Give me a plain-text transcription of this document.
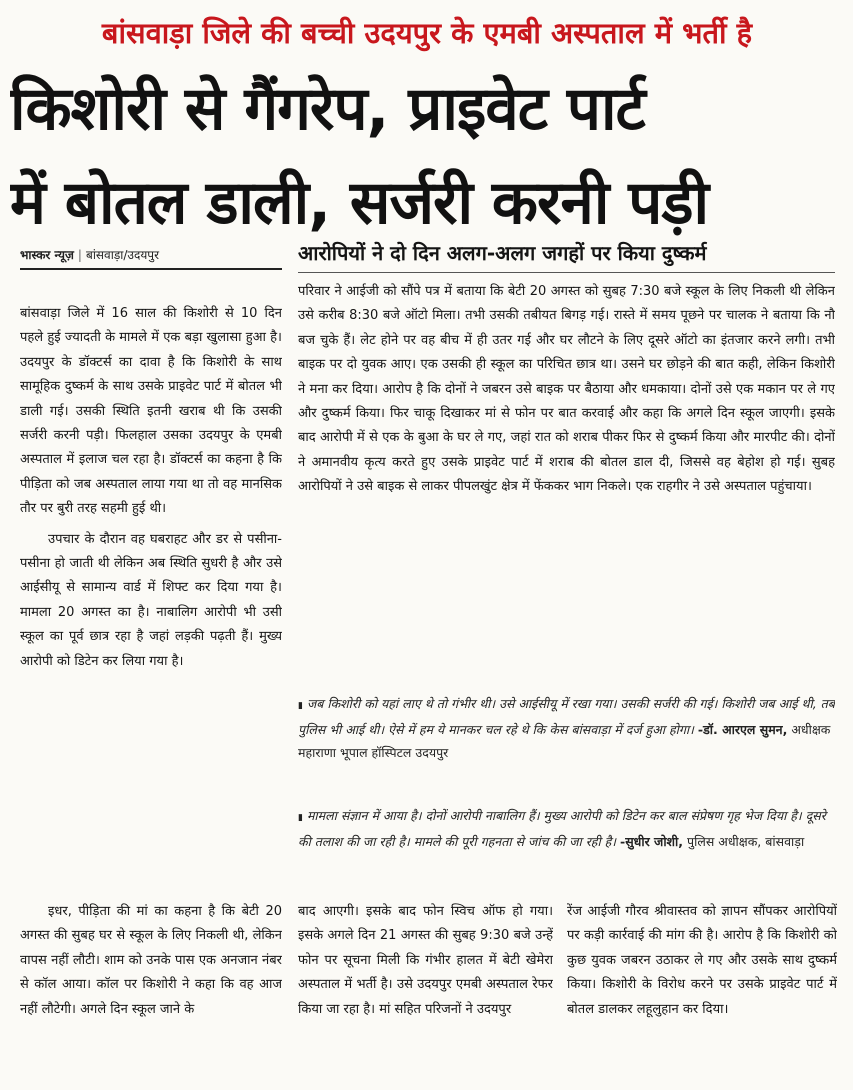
बांसवाड़ा जिले की बच्ची उदयपुर के एमबी अस्पताल में भर्ती है
किशोरी से गैंगरेप, प्राइवेट पार्ट
में बोतल डाली, सर्जरी करनी पड़ी
भास्कर न्यूज़ | बांसवाड़ा/उदयपुर	आरोपियों ने दो दिन अलग-अलग जगहों पर किया दुष्कर्म

बांसवाड़ा जिले में 16 साल की किशोरी से 10 दिन पहले हुई ज्यादती के मामले में एक बड़ा खुलासा हुआ है। उदयपुर के डॉक्टर्स का दावा है कि किशोरी के साथ सामूहिक दुष्कर्म के साथ उसके प्राइवेट पार्ट में बोतल भी डाली गई। उसकी स्थिति इतनी खराब थी कि उसकी सर्जरी करनी पड़ी। फिलहाल उसका उदयपुर के एमबी अस्पताल में इलाज चल रहा है। डॉक्टर्स का कहना है कि पीड़िता को जब अस्पताल लाया गया था तो वह मानसिक तौर पर बुरी तरह सहमी हुई थी।

उपचार के दौरान वह घबराहट और डर से पसीना-पसीना हो जाती थी लेकिन अब स्थिति सुधरी है और उसे आईसीयू से सामान्य वार्ड में शिफ्ट कर दिया गया है। मामला 20 अगस्त का है। नाबालिग आरोपी भी उसी स्कूल का पूर्व छात्र रहा है जहां लड़की पढ़ती हैं। मुख्य आरोपी को डिटेन कर लिया गया है।

इधर, पीड़िता की मां का कहना है कि बेटी 20 अगस्त की सुबह घर से स्कूल के लिए निकली थी, लेकिन वापस नहीं लौटी। शाम को उनके पास एक अनजान नंबर से कॉल आया। कॉल पर किशोरी ने कहा कि वह आज नहीं लौटेगी। अगले दिन स्कूल जाने के

परिवार ने आईजी को सौंपे पत्र में बताया कि बेटी 20 अगस्त को सुबह 7:30 बजे स्कूल के लिए निकली थी लेकिन उसे करीब 8:30 बजे ऑटो मिला। तभी उसकी तबीयत बिगड़ गई। रास्ते में समय पूछने पर चालक ने बताया कि नौ बज चुके हैं। लेट होने पर वह बीच में ही उतर गई और घर लौटने के लिए दूसरे ऑटो का इंतजार करने लगी। तभी बाइक पर दो युवक आए। एक उसकी ही स्कूल का परिचित छात्र था। उसने घर छोड़ने की बात कही, लेकिन किशोरी ने मना कर दिया। आरोप है कि दोनों ने जबरन उसे बाइक पर बैठाया और धमकाया। दोनों उसे एक मकान पर ले गए और दुष्कर्म किया। फिर चाकू दिखाकर मां से फोन पर बात करवाई और कहा कि अगले दिन स्कूल जाएगी। इसके बाद आरोपी में से एक के बुआ के घर ले गए, जहां रात को शराब पीकर फिर से दुष्कर्म किया और मारपीट की। दोनों ने अमानवीय कृत्य करते हुए उसके प्राइवेट पार्ट में शराब की बोतल डाल दी, जिससे वह बेहोश हो गई। सुबह आरोपियों ने उसे बाइक से लाकर पीपलखुंट क्षेत्र में फेंककर भाग निकले। एक राहगीर ने उसे अस्पताल पहुंचाया।

▮ जब किशोरी को यहां लाए थे तो गंभीर थी। उसे आईसीयू में रखा गया। उसकी सर्जरी की गई। किशोरी जब आई थी, तब पुलिस भी आई थी। ऐसे में हम ये मानकर चल रहे थे कि केस बांसवाड़ा में दर्ज हुआ होगा। -डॉ. आरएल सुमन, अधीक्षक महाराणा भूपाल हॉस्पिटल उदयपुर
▮ मामला संज्ञान में आया है। दोनों आरोपी नाबालिग हैं। मुख्य आरोपी को डिटेन कर बाल संप्रेषण गृह भेज दिया है। दूसरे की तलाश की जा रही है। मामले की पूरी गहनता से जांच की जा रही है। -सुधीर जोशी, पुलिस अधीक्षक, बांसवाड़ा

बाद आएगी। इसके बाद फोन स्विच ऑफ हो गया। इसके अगले दिन 21 अगस्त की सुबह 9:30 बजे उन्हें फोन पर सूचना मिली कि गंभीर हालत में बेटी खेमेरा अस्पताल में भर्ती है। उसे उदयपुर एमबी अस्पताल रेफर किया जा रहा है। मां सहित परिजनों ने उदयपुर

रेंज आईजी गौरव श्रीवास्तव को ज्ञापन सौंपकर आरोपियों पर कड़ी कार्रवाई की मांग की है। आरोप है कि किशोरी को कुछ युवक जबरन उठाकर ले गए और उसके साथ दुष्कर्म किया। किशोरी के विरोध करने पर उसके प्राइवेट पार्ट में बोतल डालकर लहूलुहान कर दिया।
